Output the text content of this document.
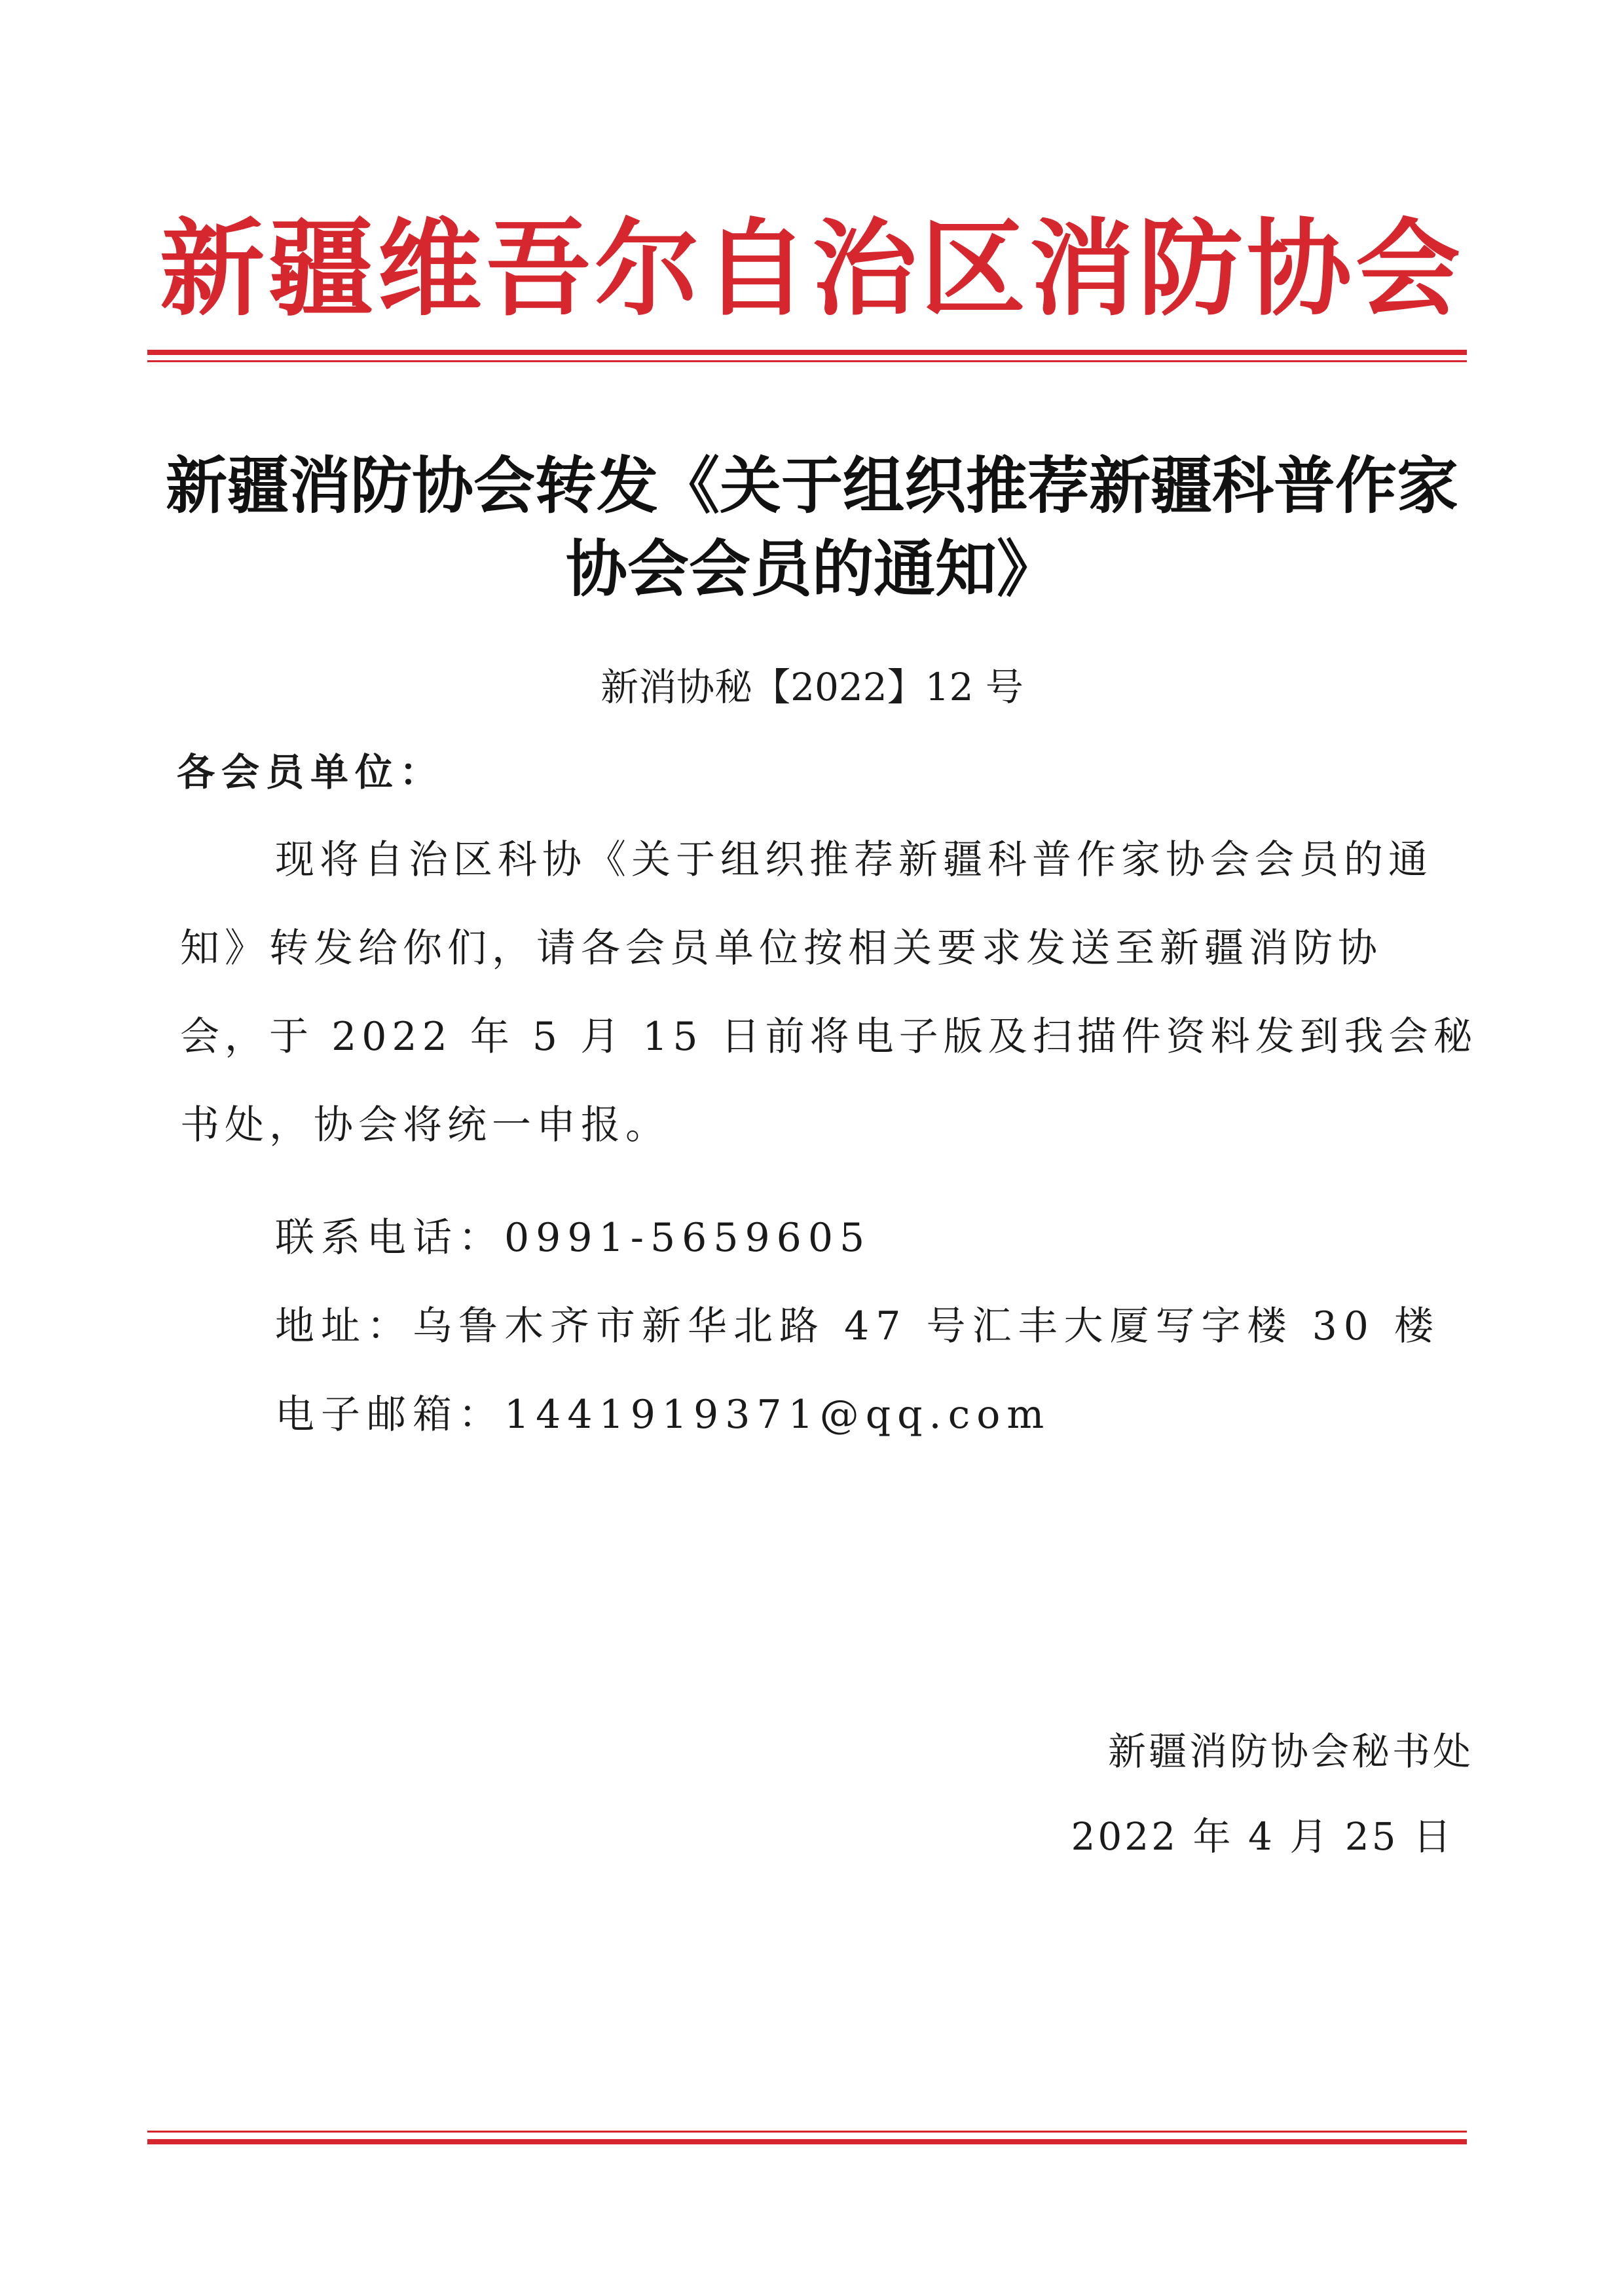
新疆维吾尔自治区消防协会
新疆消防协会转发《关于组织推荐新疆科普作家
协会会员的通知》
新消协秘【2022】12 号
各会员单位：
现将自治区科协《关于组织推荐新疆科普作家协会会员的通
知》转发给你们，请各会员单位按相关要求发送至新疆消防协
会，于 2022 年 5 月 15 日前将电子版及扫描件资料发到我会秘
书处，协会将统一申报。
联系电话：0991-5659605
地址：乌鲁木齐市新华北路 47 号汇丰大厦写字楼 30 楼
电子邮箱：1441919371@qq.com
新疆消防协会秘书处
2022 年 4 月 25 日
